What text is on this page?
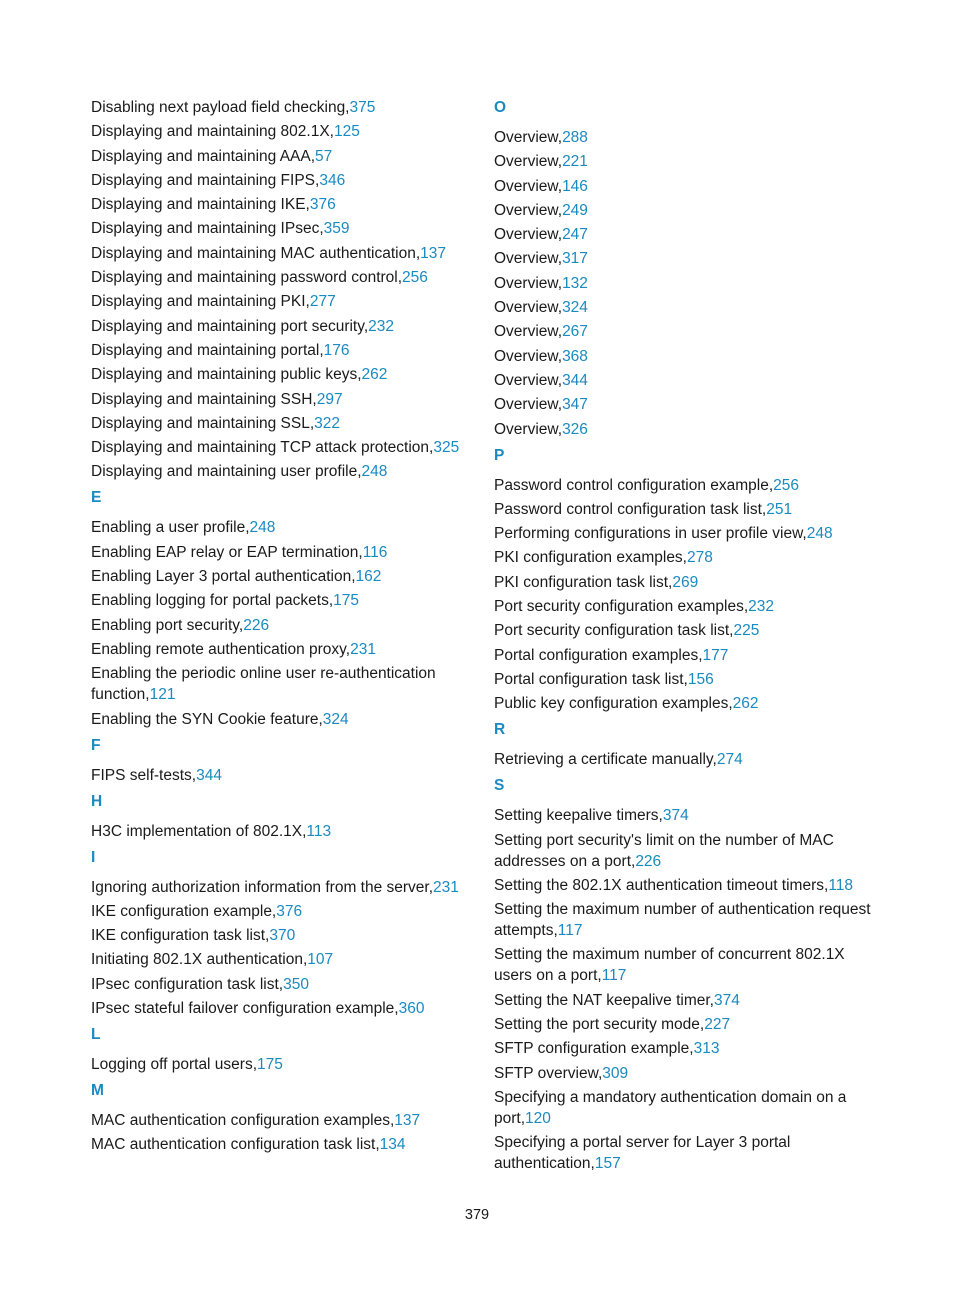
Disabling next payload field checking,375
Displaying and maintaining 802.1X,125
Displaying and maintaining AAA,57
Displaying and maintaining FIPS,346
Displaying and maintaining IKE,376
Displaying and maintaining IPsec,359
Displaying and maintaining MAC authentication,137
Displaying and maintaining password control,256
Displaying and maintaining PKI,277
Displaying and maintaining port security,232
Displaying and maintaining portal,176
Displaying and maintaining public keys,262
Displaying and maintaining SSH,297
Displaying and maintaining SSL,322
Displaying and maintaining TCP attack protection,325
Displaying and maintaining user profile,248
E
Enabling a user profile,248
Enabling EAP relay or EAP termination,116
Enabling Layer 3 portal authentication,162
Enabling logging for portal packets,175
Enabling port security,226
Enabling remote authentication proxy,231
Enabling the periodic online user re-authentication function,121
Enabling the SYN Cookie feature,324
F
FIPS self-tests,344
H
H3C implementation of 802.1X,113
I
Ignoring authorization information from the server,231
IKE configuration example,376
IKE configuration task list,370
Initiating 802.1X authentication,107
IPsec configuration task list,350
IPsec stateful failover configuration example,360
L
Logging off portal users,175
M
MAC authentication configuration examples,137
MAC authentication configuration task list,134
O
Overview,288
Overview,221
Overview,146
Overview,249
Overview,247
Overview,317
Overview,132
Overview,324
Overview,267
Overview,368
Overview,344
Overview,347
Overview,326
P
Password control configuration example,256
Password control configuration task list,251
Performing configurations in user profile view,248
PKI configuration examples,278
PKI configuration task list,269
Port security configuration examples,232
Port security configuration task list,225
Portal configuration examples,177
Portal configuration task list,156
Public key configuration examples,262
R
Retrieving a certificate manually,274
S
Setting keepalive timers,374
Setting port security's limit on the number of MAC addresses on a port,226
Setting the 802.1X authentication timeout timers,118
Setting the maximum number of authentication request attempts,117
Setting the maximum number of concurrent 802.1X users on a port,117
Setting the NAT keepalive timer,374
Setting the port security mode,227
SFTP configuration example,313
SFTP overview,309
Specifying a mandatory authentication domain on a port,120
Specifying a portal server for Layer 3 portal authentication,157
379
